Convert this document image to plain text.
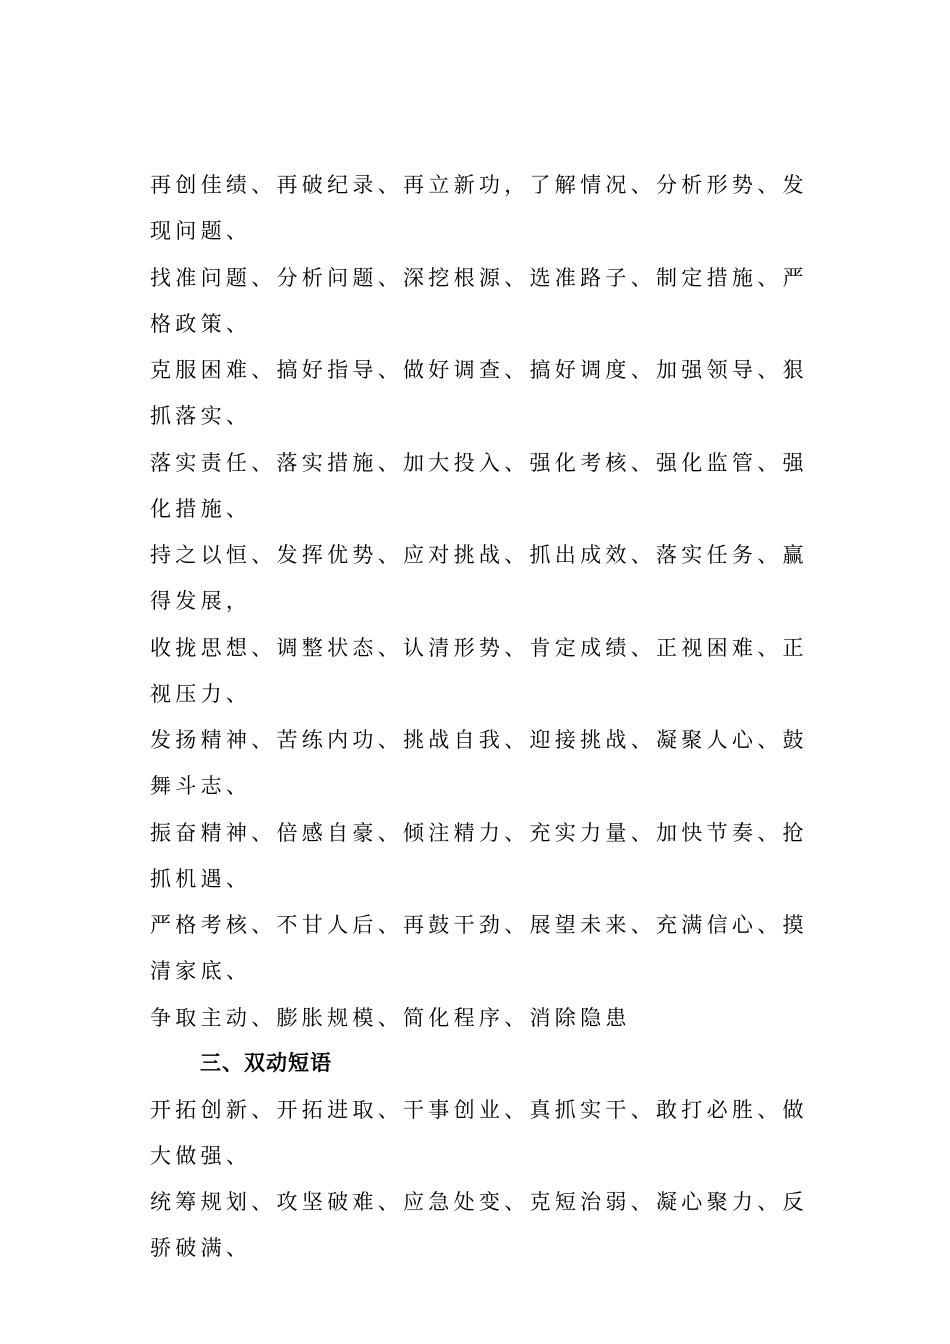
再创佳绩、再破纪录、再立新功，了解情况、分析形势、发现问题、

找准问题、分析问题、深挖根源、选准路子、制定措施、严格政策、

克服困难、搞好指导、做好调查、搞好调度、加强领导、狠抓落实、

落实责任、落实措施、加大投入、强化考核、强化监管、强化措施、

持之以恒、发挥优势、应对挑战、抓出成效、落实任务、赢得发展，

收拢思想、调整状态、认清形势、肯定成绩、正视困难、正视压力、

发扬精神、苦练内功、挑战自我、迎接挑战、凝聚人心、鼓舞斗志、

振奋精神、倍感自豪、倾注精力、充实力量、加快节奏、抢抓机遇、

严格考核、不甘人后、再鼓干劲、展望未来、充满信心、摸清家底、

争取主动、膨胀规模、简化程序、消除隐患

三、双动短语

开拓创新、开拓进取、干事创业、真抓实干、敢打必胜、做大做强、

统筹规划、攻坚破难、应急处变、克短治弱、凝心聚力、反骄破满、
